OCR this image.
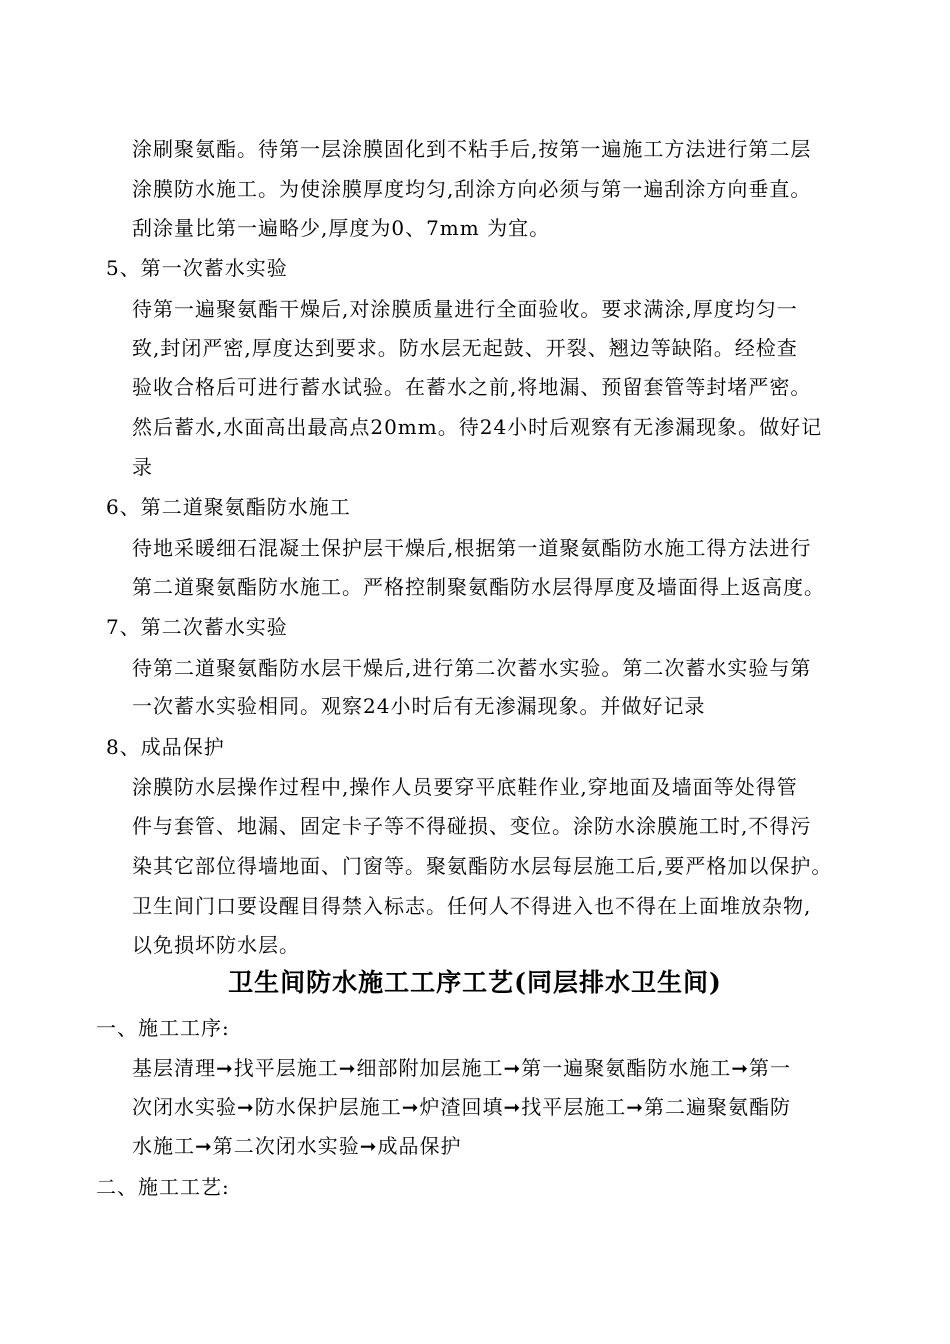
涂刷聚氨酯。待第一层涂膜固化到不粘手后,按第一遍施工方法进行第二层
涂膜防水施工。为使涂膜厚度均匀,刮涂方向必须与第一遍刮涂方向垂直。
刮涂量比第一遍略少,厚度为0、7mm 为宜。
5、第一次蓄水实验
待第一遍聚氨酯干燥后,对涂膜质量进行全面验收。要求满涂,厚度均匀一
致,封闭严密,厚度达到要求。防水层无起鼓、开裂、翘边等缺陷。经检查
验收合格后可进行蓄水试验。在蓄水之前,将地漏、预留套管等封堵严密。
然后蓄水,水面高出最高点20mm。待24小时后观察有无渗漏现象。做好记
录
6、第二道聚氨酯防水施工
待地采暖细石混凝土保护层干燥后,根据第一道聚氨酯防水施工得方法进行
第二道聚氨酯防水施工。严格控制聚氨酯防水层得厚度及墙面得上返高度。
7、第二次蓄水实验
待第二道聚氨酯防水层干燥后,进行第二次蓄水实验。第二次蓄水实验与第
一次蓄水实验相同。观察24小时后有无渗漏现象。并做好记录
8、成品保护
涂膜防水层操作过程中,操作人员要穿平底鞋作业,穿地面及墙面等处得管
件与套管、地漏、固定卡子等不得碰损、变位。涂防水涂膜施工时,不得污
染其它部位得墙地面、门窗等。聚氨酯防水层每层施工后,要严格加以保护。
卫生间门口要设醒目得禁入标志。任何人不得进入也不得在上面堆放杂物,
以免损坏防水层。
卫生间防水施工工序工艺(同层排水卫生间)
一、施工工序:
基层清理➞找平层施工➞细部附加层施工➞第一遍聚氨酯防水施工➞第一
次闭水实验➞防水保护层施工➞炉渣回填➞找平层施工➞第二遍聚氨酯防
水施工➞第二次闭水实验➞成品保护
二、施工工艺:
